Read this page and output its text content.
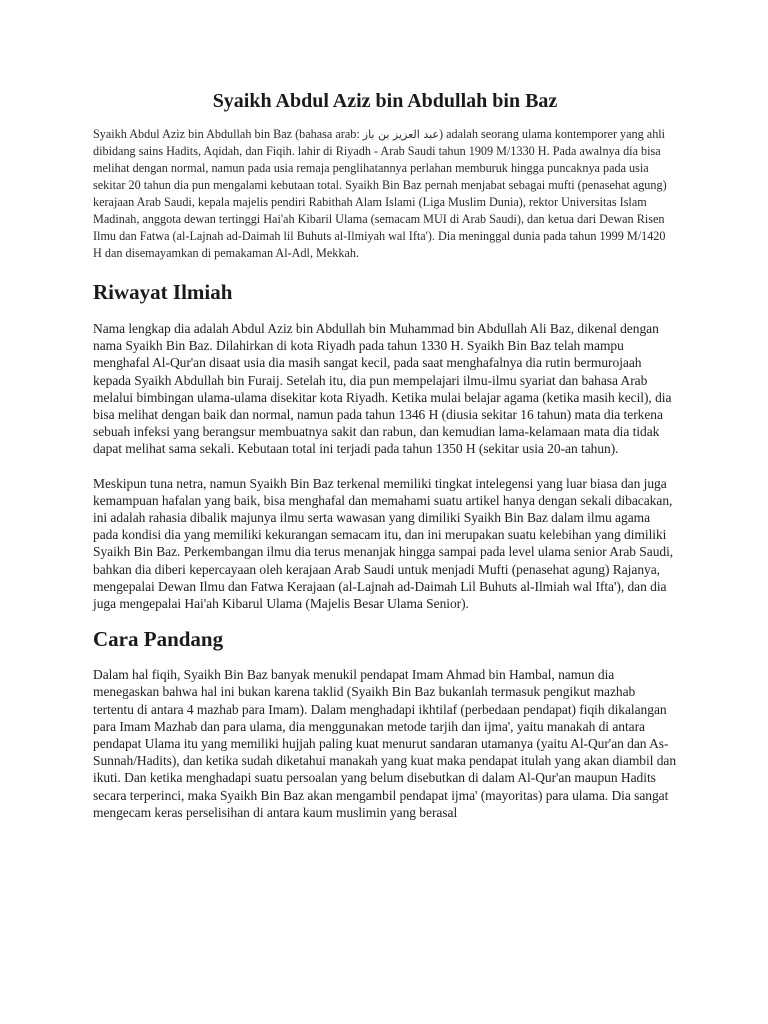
Syaikh Abdul Aziz bin Abdullah bin Baz

Syaikh Abdul Aziz bin Abdullah bin Baz (bahasa arab: عبد العزيز بن باز) adalah seorang ulama kontemporer yang ahli dibidang sains Hadits, Aqidah, dan Fiqih. lahir di Riyadh - Arab Saudi tahun 1909 M/1330 H. Pada awalnya dia bisa melihat dengan normal, namun pada usia remaja penglihatannya perlahan memburuk hingga puncaknya pada usia sekitar 20 tahun dia pun mengalami kebutaan total. Syaikh Bin Baz pernah menjabat sebagai mufti (penasehat agung) kerajaan Arab Saudi, kepala majelis pendiri Rabithah Alam Islami (Liga Muslim Dunia), rektor Universitas Islam Madinah, anggota dewan tertinggi Hai'ah Kibaril Ulama (semacam MUI di Arab Saudi), dan ketua dari Dewan Risen Ilmu dan Fatwa (al-Lajnah ad-Daimah lil Buhuts al-Ilmiyah wal Ifta'). Dia meninggal dunia pada tahun 1999 M/1420 H dan disemayamkan di pemakaman Al-Adl, Mekkah.

Riwayat Ilmiah

Nama lengkap dia adalah Abdul Aziz bin Abdullah bin Muhammad bin Abdullah Ali Baz, dikenal dengan nama Syaikh Bin Baz. Dilahirkan di kota Riyadh pada tahun 1330 H. Syaikh Bin Baz telah mampu menghafal Al-Qur'an disaat usia dia masih sangat kecil, pada saat menghafalnya dia rutin bermurojaah kepada Syaikh Abdullah bin Furaij. Setelah itu, dia pun mempelajari ilmu-ilmu syariat dan bahasa Arab melalui bimbingan ulama-ulama disekitar kota Riyadh. Ketika mulai belajar agama (ketika masih kecil), dia bisa melihat dengan baik dan normal, namun pada tahun 1346 H (diusia sekitar 16 tahun) mata dia terkena sebuah infeksi yang berangsur membuatnya sakit dan rabun, dan kemudian lama-kelamaan mata dia tidak dapat melihat sama sekali. Kebutaan total ini terjadi pada tahun 1350 H (sekitar usia 20-an tahun).

Meskipun tuna netra, namun Syaikh Bin Baz terkenal memiliki tingkat intelegensi yang luar biasa dan juga kemampuan hafalan yang baik, bisa menghafal dan memahami suatu artikel hanya dengan sekali dibacakan, ini adalah rahasia dibalik majunya ilmu serta wawasan yang dimiliki Syaikh Bin Baz dalam ilmu agama pada kondisi dia yang memiliki kekurangan semacam itu, dan ini merupakan suatu kelebihan yang dimiliki Syaikh Bin Baz. Perkembangan ilmu dia terus menanjak hingga sampai pada level ulama senior Arab Saudi, bahkan dia diberi kepercayaan oleh kerajaan Arab Saudi untuk menjadi Mufti (penasehat agung) Rajanya, mengepalai Dewan Ilmu dan Fatwa Kerajaan (al-Lajnah ad-Daimah Lil Buhuts al-Ilmiah wal Ifta'), dan dia juga mengepalai Hai'ah Kibarul Ulama (Majelis Besar Ulama Senior).

Cara Pandang

Dalam hal fiqih, Syaikh Bin Baz banyak menukil pendapat Imam Ahmad bin Hambal, namun dia menegaskan bahwa hal ini bukan karena taklid (Syaikh Bin Baz bukanlah termasuk pengikut mazhab tertentu di antara 4 mazhab para Imam). Dalam menghadapi ikhtilaf (perbedaan pendapat) fiqih dikalangan para Imam Mazhab dan para ulama, dia menggunakan metode tarjih dan ijma', yaitu manakah di antara pendapat Ulama itu yang memiliki hujjah paling kuat menurut sandaran utamanya (yaitu Al-Qur'an dan As-Sunnah/Hadits), dan ketika sudah diketahui manakah yang kuat maka pendapat itulah yang akan diambil dan ikuti. Dan ketika menghadapi suatu persoalan yang belum disebutkan di dalam Al-Qur'an maupun Hadits secara terperinci, maka Syaikh Bin Baz akan mengambil pendapat ijma' (mayoritas) para ulama. Dia sangat mengecam keras perselisihan di antara kaum muslimin yang berasal
